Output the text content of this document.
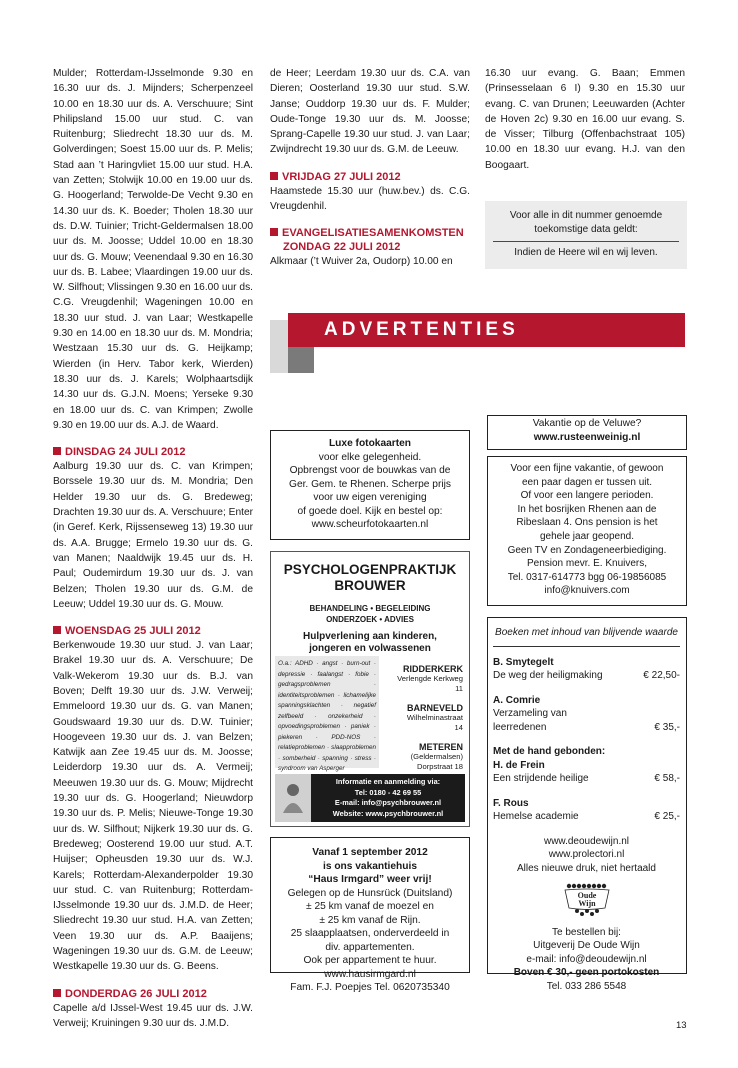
Mulder; Rotterdam-IJsselmonde 9.30 en 16.30 uur ds. J. Mijnders; Scherpenzeel 10.00 en 18.30 uur ds. A. Verschuure; Sint Philipsland 15.00 uur stud. C. van Ruitenburg; Sliedrecht 18.30 uur ds. M. Golverdingen; Soest 15.00 uur ds. P. Melis; Stad aan ’t Haringvliet 15.00 uur stud. H.A. van Zetten; Stolwijk 10.00 en 19.00 uur ds. G. Hoogerland; Terwolde-De Vecht 9.30 en 14.30 uur ds. K. Boeder; Tholen 18.30 uur ds. D.W. Tuinier; Tricht-Geldermalsen 18.00 uur ds. M. Joosse; Uddel 10.00 en 18.30 uur ds. G. Mouw; Veenendaal 9.30 en 16.30 uur ds. B. Labee; Vlaardingen 19.00 uur ds. W. Silfhout; Vlissingen 9.30 en 16.00 uur ds. C.G. Vreugdenhil; Wageningen 10.00 en 18.30 uur stud. J. van Laar; Westkapelle 9.30 en 14.00 en 18.30 uur ds. M. Mondria; Westzaan 15.30 uur ds. G. Heijkamp; Wierden (in Herv. Tabor kerk, Wierden) 18.30 uur ds. J. Karels; Wolphaartsdijk 14.30 uur ds. G.J.N. Moens; Yerseke 9.30 en 18.00 uur ds. C. van Krimpen; Zwolle 9.30 en 19.00 uur ds. A.J. de Waard.

DINSDAG 24 JULI 2012

Aalburg 19.30 uur ds. C. van Krimpen; Borssele 19.30 uur ds. M. Mondria; Den Helder 19.30 uur ds. G. Bredeweg; Drachten 19.30 uur ds. A. Verschuure; Enter (in Geref. Kerk, Rijssenseweg 13) 19.30 uur ds. A.A. Brugge; Ermelo 19.30 uur ds. G. van Manen; Naaldwijk 19.45 uur ds. H. Paul; Oudemirdum 19.30 uur ds. J. van Belzen; Tholen 19.30 uur ds. G.M. de Leeuw; Uddel 19.30 uur ds. G. Mouw.

WOENSDAG 25 JULI 2012

Berkenwoude 19.30 uur stud. J. van Laar; Brakel 19.30 uur ds. A. Verschuure; De Valk-Wekerom 19.30 uur ds. B.J. van Boven; Delft 19.30 uur ds. J.W. Verweij; Emmeloord 19.30 uur ds. G. van Manen; Goudswaard 19.30 uur ds. D.W. Tuinier; Hoogeveen 19.30 uur ds. J. van Belzen; Katwijk aan Zee 19.45 uur ds. M. Joosse; Leiderdorp 19.30 uur ds. A. Vermeij; Meeuwen 19.30 uur ds. G. Mouw; Mijdrecht 19.30 uur ds. G. Hoogerland; Nieuwdorp 19.30 uur ds. P. Melis; Nieuwe-Tonge 19.30 uur ds. W. Silfhout; Nijkerk 19.30 uur ds. G. Bredeweg; Oosterend 19.00 uur stud. A.T. Huijser; Opheusden 19.30 uur ds. W.J. Karels; Rotterdam-Alexanderpolder 19.30 uur stud. C. van Ruitenburg; Rotterdam-IJsselmonde 19.30 uur ds. J.M.D. de Heer; Sliedrecht 19.30 uur stud. H.A. van Zetten; Veen 19.30 uur ds. A.P. Baaijens; Wageningen 19.30 uur ds. G.M. de Leeuw; Westkapelle 19.30 uur ds. G. Beens.

DONDERDAG 26 JULI 2012

Capelle a/d IJssel-West 19.45 uur ds. J.W. Verweij; Kruiningen 9.30 uur ds. J.M.D.

de Heer; Leerdam 19.30 uur ds. C.A. van Dieren; Oosterland 19.30 uur stud. S.W. Janse; Ouddorp 19.30 uur ds. F. Mulder; Oude-Tonge 19.30 uur ds. M. Joosse; Sprang-Capelle 19.30 uur stud. J. van Laar; Zwijndrecht 19.30 uur ds. G.M. de Leeuw.

VRIJDAG 27 JULI 2012

Haamstede 15.30 uur (huw.bev.) ds. C.G. Vreugdenhil.

EVANGELISATIESAMENKOMSTEN
ZONDAG 22 JULI 2012

Alkmaar (’t Wuiver 2a, Oudorp) 10.00 en

16.30 uur evang. G. Baan; Emmen (Prinsesselaan 6 I) 9.30 en 15.30 uur evang. C. van Drunen; Leeuwarden (Achter de Hoven 2c) 9.30 en 16.00 uur evang. S. de Visser; Tilburg (Offenbachstraat 105) 10.00 en 18.30 uur evang. H.J. van den Boogaart.

Voor alle in dit nummer genoemde
toekomstige data geldt:
Indien de Heere wil en wij leven.
ADVERTENTIES
Luxe fotokaarten
voor elke gelegenheid.
Opbrengst voor de bouwkas van de
Ger. Gem. te Rhenen. Scherpe prijs
voor uw eigen vereniging
of goede doel. Kijk en bestel op:
www.scheurfotokaarten.nl
PSYCHOLOGENPRAKTIJK
BROUWER
BEHANDELING • BEGELEIDING
ONDERZOEK • ADVIES
Hulpverlening aan kinderen,
jongeren en volwassenen
O.a.: ADHD · angst · burn-out · depressie · faalangst · fobie · gedragsproblemen · identiteitsproblemen · lichamelijke spanningsklachten · negatief zelfbeeld · onzekerheid · opvoedingsproblemen · paniek · piekeren · PDD-NOS · relatieproblemen · slaapproblemen · somberheid · spanning · stress · syndroom van Asperger
RIDDERKERK
Verlengde Kerkweg
11
BARNEVELD
Wilhelminastraat
14
METEREN
(Geldermalsen)
Dorpstraat 18
Informatie en aanmelding via:
Tel: 0180 - 42 69 55
E-mail: info@psychbrouwer.nl
Website: www.psychbrouwer.nl
Vanaf 1 september 2012
is ons vakantiehuis
“Haus Irmgard” weer vrij!
Gelegen op de Hunsrück (Duitsland)
± 25 km vanaf de moezel en
± 25 km vanaf de Rijn.
25 slaapplaatsen, onderverdeeld in
div. appartementen.
Ook per appartement te huur.
www.hausirmgard.nl
Fam. F.J. Poepjes Tel. 0620735340
Vakantie op de Veluwe?
www.rusteenweinig.nl
Voor een fijne vakantie, of gewoon
een paar dagen er tussen uit.
Of voor een langere perioden.
In het bosrijken Rhenen aan de
Ribeslaan 4. Ons pension is het
gehele jaar geopend.
Geen TV en Zondageneerbiediging.
Pension mevr. E. Knuivers,
Tel. 0317-614773 bgg 06-19856085
info@knuivers.com
Boeken met inhoud van blijvende waarde
B. Smytegelt
De weg der heiligmaking	€ 22,50-
A. Comrie
Verzameling van
leerredenen	€ 35,-
Met de hand gebonden:
H. de Frein
Een strijdende heilige	€ 58,-
F. Rous
Hemelse academie	€ 25,-
www.deoudewijn.nl
www.prolectori.nl
Alles nieuwe druk, niet hertaald
Oude
Wijn
Te bestellen bij:
Uitgeverij De Oude Wijn
e-mail: info@deoudewijn.nl
Boven € 30,- geen portokosten
Tel. 033 286 5548
13
